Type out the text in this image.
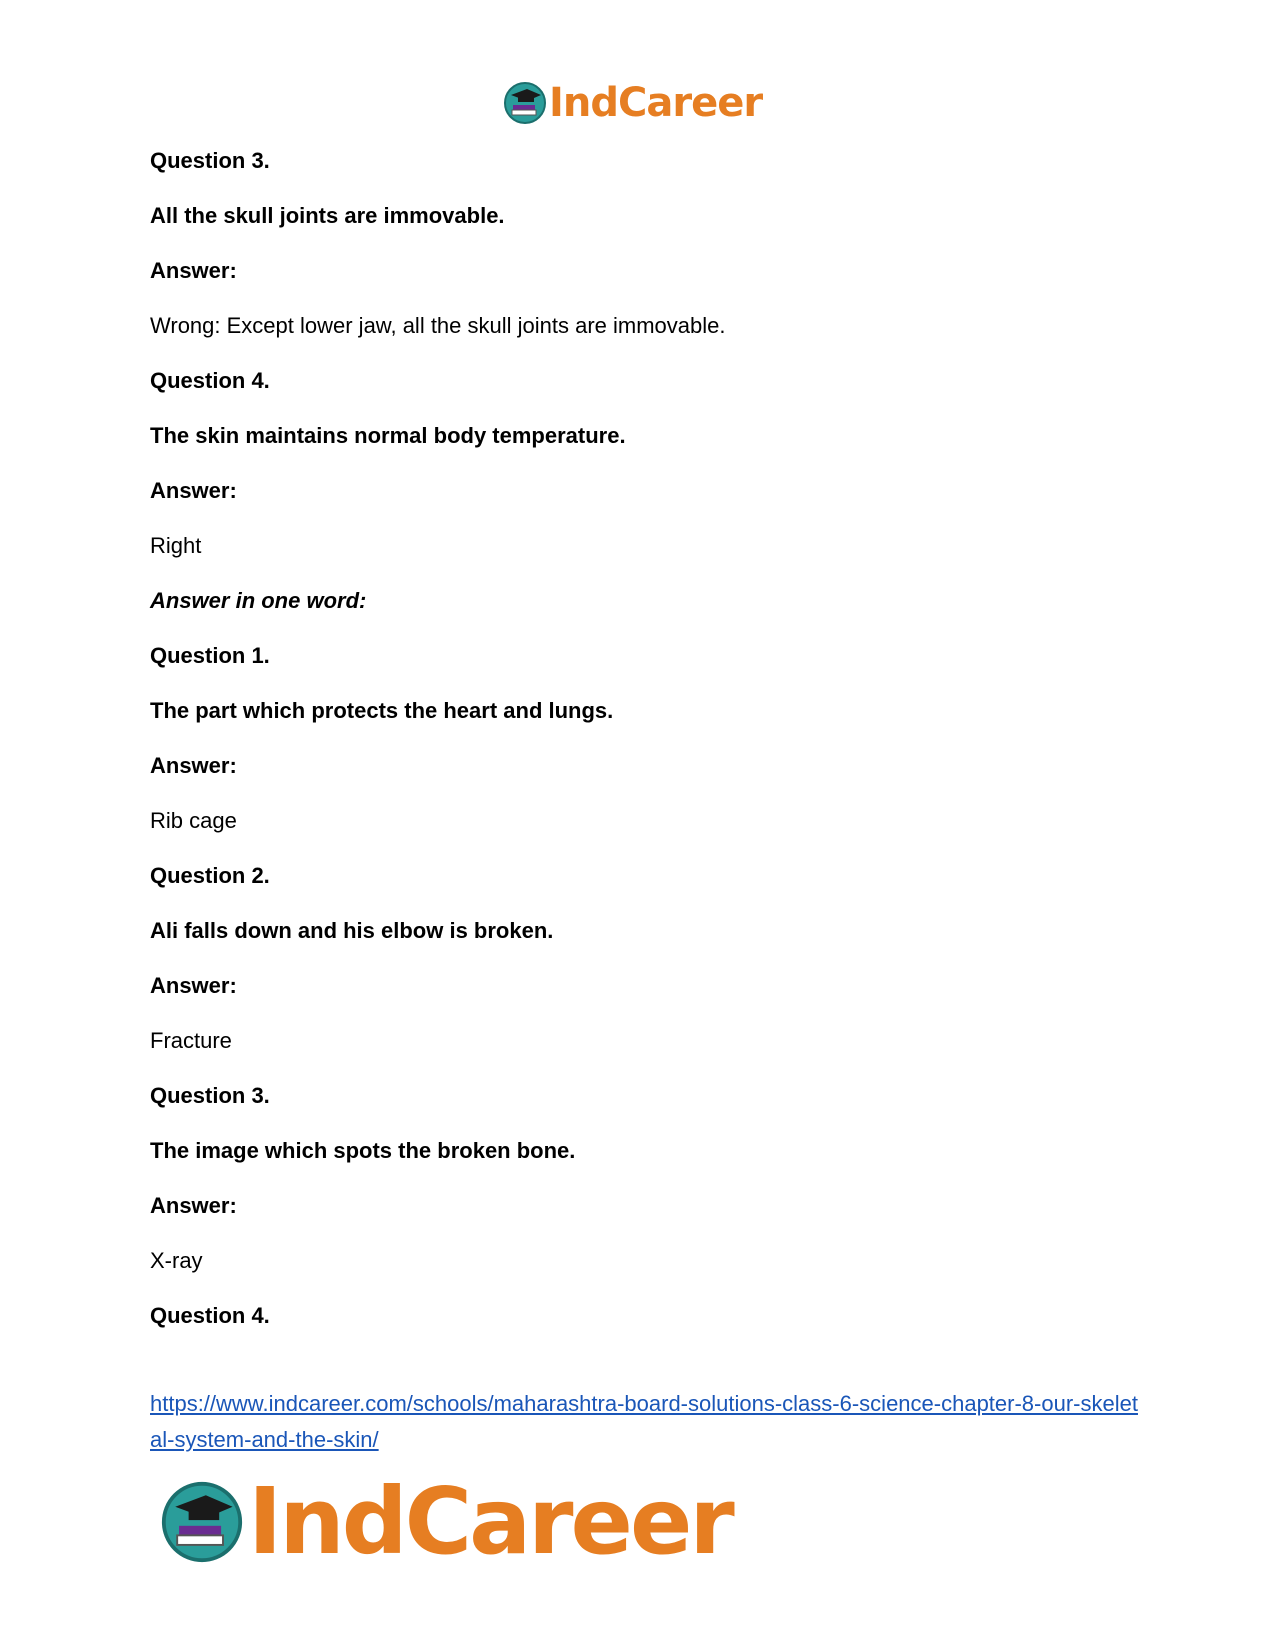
IndCareer
Question 3.
All the skull joints are immovable.
Answer:
Wrong: Except lower jaw, all the skull joints are immovable.
Question 4.
The skin maintains normal body temperature.
Answer:
Right
Answer in one word:
Question 1.
The part which protects the heart and lungs.
Answer:
Rib cage
Question 2.
Ali falls down and his elbow is broken.
Answer:
Fracture
Question 3.
The image which spots the broken bone.
Answer:
X-ray
Question 4.
https://www.indcareer.com/schools/maharashtra-board-solutions-class-6-science-chapter-8-our-skeletal-system-and-the-skin/
IndCareer
